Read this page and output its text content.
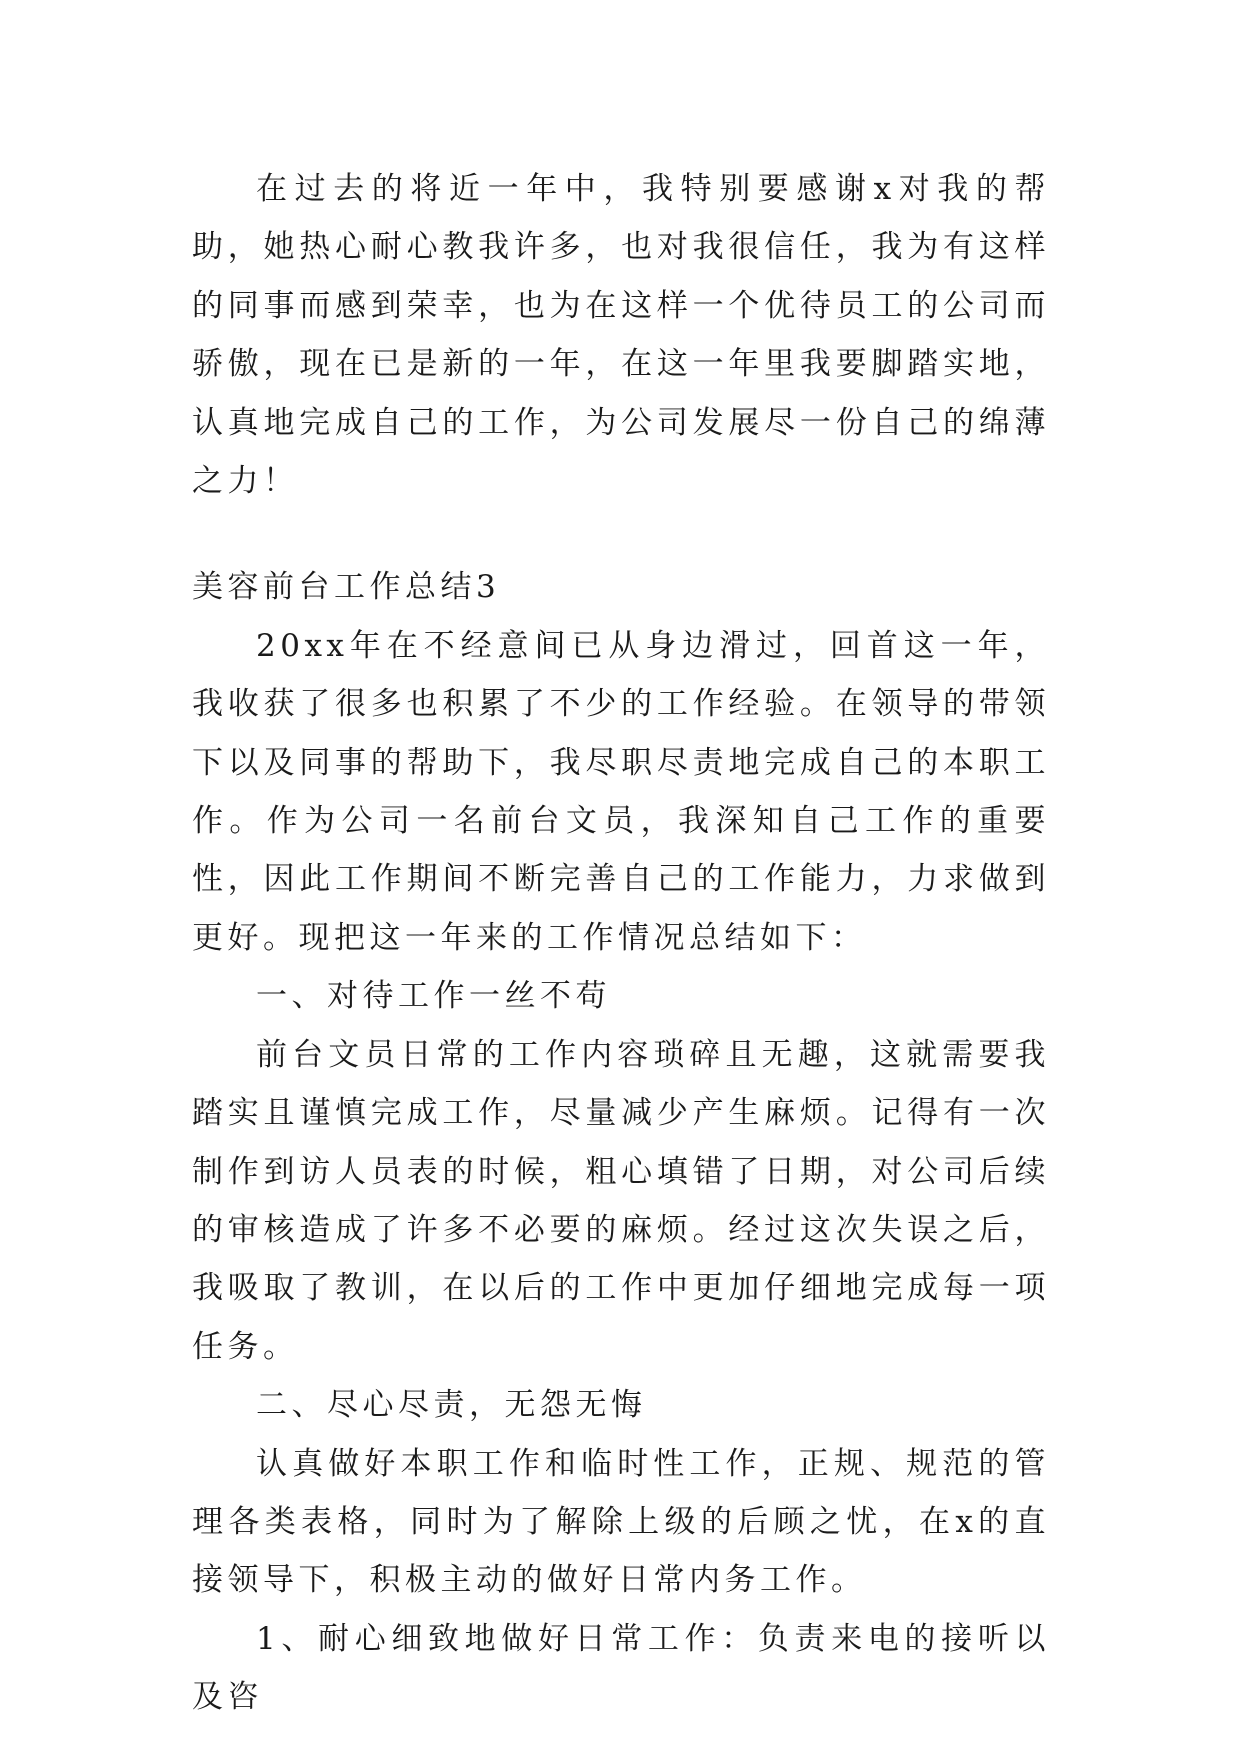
在过去的将近一年中，我特别要感谢x对我的帮助，她热心耐心教我许多，也对我很信任，我为有这样的同事而感到荣幸，也为在这样一个优待员工的公司而骄傲，现在已是新的一年，在这一年里我要脚踏实地，认真地完成自己的工作，为公司发展尽一份自己的绵薄之力！

美容前台工作总结3

20xx年在不经意间已从身边滑过，回首这一年，我收获了很多也积累了不少的工作经验。在领导的带领下以及同事的帮助下，我尽职尽责地完成自己的本职工作。作为公司一名前台文员，我深知自己工作的重要性，因此工作期间不断完善自己的工作能力，力求做到更好。现把这一年来的工作情况总结如下：

一、对待工作一丝不苟

前台文员日常的工作内容琐碎且无趣，这就需要我踏实且谨慎完成工作，尽量减少产生麻烦。记得有一次制作到访人员表的时候，粗心填错了日期，对公司后续的审核造成了许多不必要的麻烦。经过这次失误之后，我吸取了教训，在以后的工作中更加仔细地完成每一项任务。

二、尽心尽责，无怨无悔

认真做好本职工作和临时性工作，正规、规范的管理各类表格，同时为了解除上级的后顾之忧，在x的直接领导下，积极主动的做好日常内务工作。

1、耐心细致地做好日常工作：负责来电的接听以及咨
